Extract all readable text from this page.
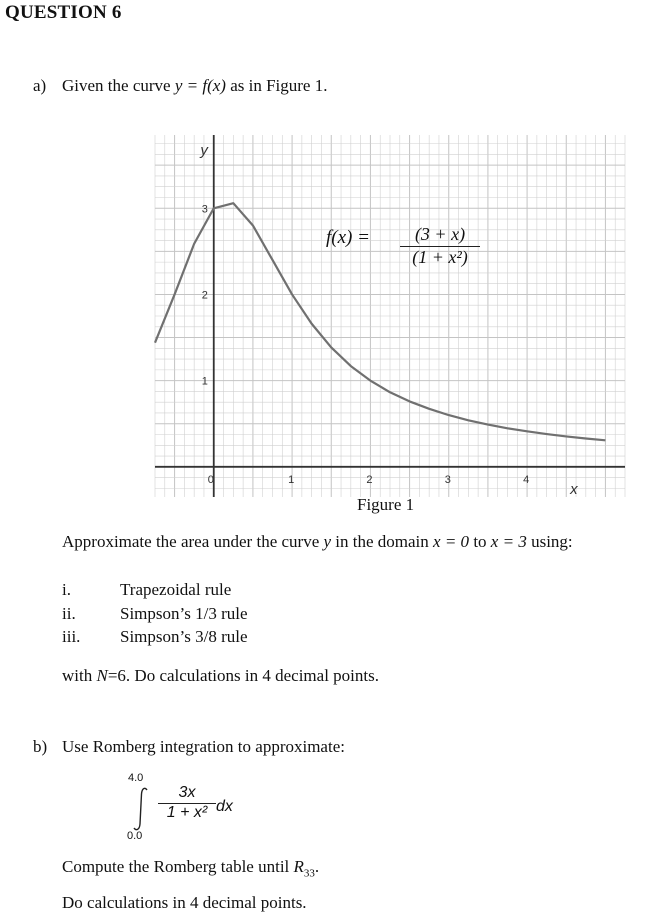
QUESTION 6
a) Given the curve y = f(x) as in Figure 1.
0	1	2	3	4
1
2
3
x
y
f(x) =	(3 + x)
(1 + x²)
Figure 1
Approximate the area under the curve y in the domain x = 0 to x = 3 using:
i.	Trapezoidal rule
ii.	Simpson’s 1/3 rule
iii. Simpson’s 3/8 rule
with N=6. Do calculations in 4 decimal points.
b) Use Romberg integration to approximate:
4.0
0.0
3x
1 + x² dx
Compute the Romberg table until $R_{33}$.
Do calculations in 4 decimal points.
